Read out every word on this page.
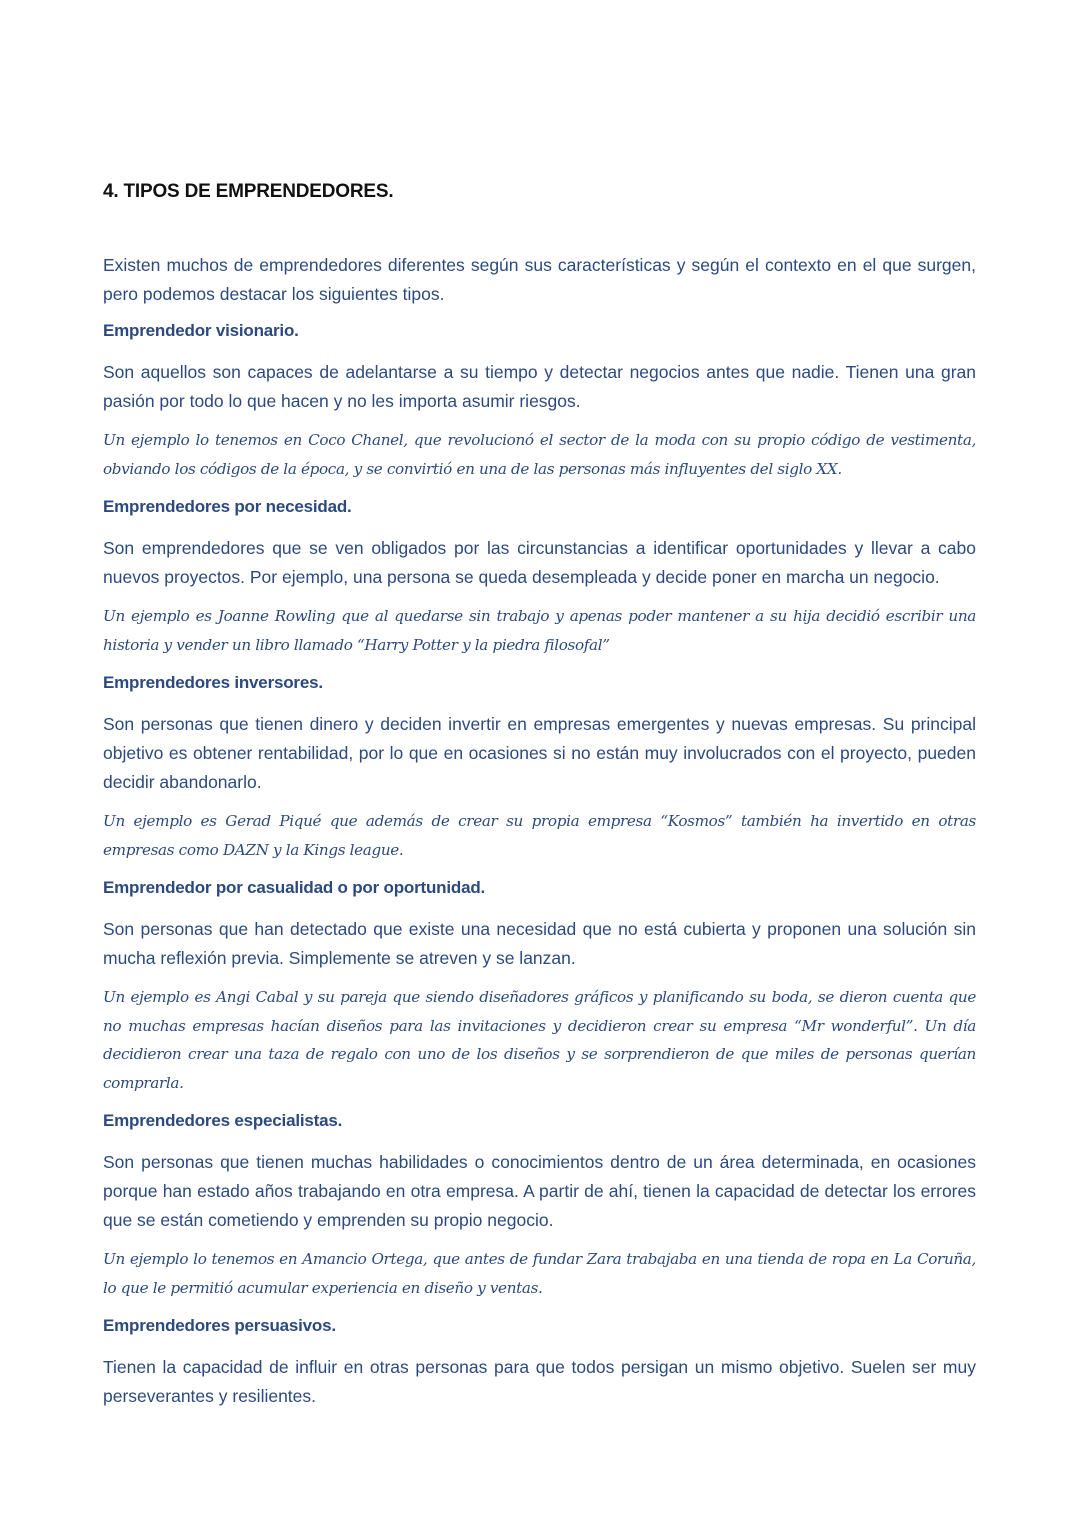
4. TIPOS DE EMPRENDEDORES.

Existen muchos de emprendedores diferentes según sus características y según el contexto en el que surgen, pero podemos destacar los siguientes tipos.

Emprendedor visionario.

Son aquellos son capaces de adelantarse a su tiempo y detectar negocios antes que nadie. Tienen una gran pasión por todo lo que hacen y no les importa asumir riesgos.

Un ejemplo lo tenemos en Coco Chanel, que revolucionó el sector de la moda con su propio código de vestimenta, obviando los códigos de la época, y se convirtió en una de las personas más influyentes del siglo XX.

Emprendedores por necesidad.

Son emprendedores que se ven obligados por las circunstancias a identificar oportunidades y llevar a cabo nuevos proyectos. Por ejemplo, una persona se queda desempleada y decide poner en marcha un negocio.

Un ejemplo es Joanne Rowling que al quedarse sin trabajo y apenas poder mantener a su hija decidió escribir una historia y vender un libro llamado “Harry Potter y la piedra filosofal”

Emprendedores inversores.

Son personas que tienen dinero y deciden invertir en empresas emergentes y nuevas empresas. Su principal objetivo es obtener rentabilidad, por lo que en ocasiones si no están muy involucrados con el proyecto, pueden decidir abandonarlo.

Un ejemplo es Gerad Piqué que además de crear su propia empresa “Kosmos” también ha invertido en otras empresas como DAZN y la Kings league.

Emprendedor por casualidad o por oportunidad.

Son personas que han detectado que existe una necesidad que no está cubierta y proponen una solución sin mucha reflexión previa. Simplemente se atreven y se lanzan.

Un ejemplo es Angi Cabal y su pareja que siendo diseñadores gráficos y planificando su boda, se dieron cuenta que no muchas empresas hacían diseños para las invitaciones y decidieron crear su empresa “Mr wonderful”. Un día decidieron crear una taza de regalo con uno de los diseños y se sorprendieron de que miles de personas querían comprarla.

Emprendedores especialistas.

Son personas que tienen muchas habilidades o conocimientos dentro de un área determinada, en ocasiones porque han estado años trabajando en otra empresa. A partir de ahí, tienen la capacidad de detectar los errores que se están cometiendo y emprenden su propio negocio.

Un ejemplo lo tenemos en Amancio Ortega, que antes de fundar Zara trabajaba en una tienda de ropa en La Coruña, lo que le permitió acumular experiencia en diseño y ventas.

Emprendedores persuasivos.

Tienen la capacidad de influir en otras personas para que todos persigan un mismo objetivo. Suelen ser muy perseverantes y resilientes.
